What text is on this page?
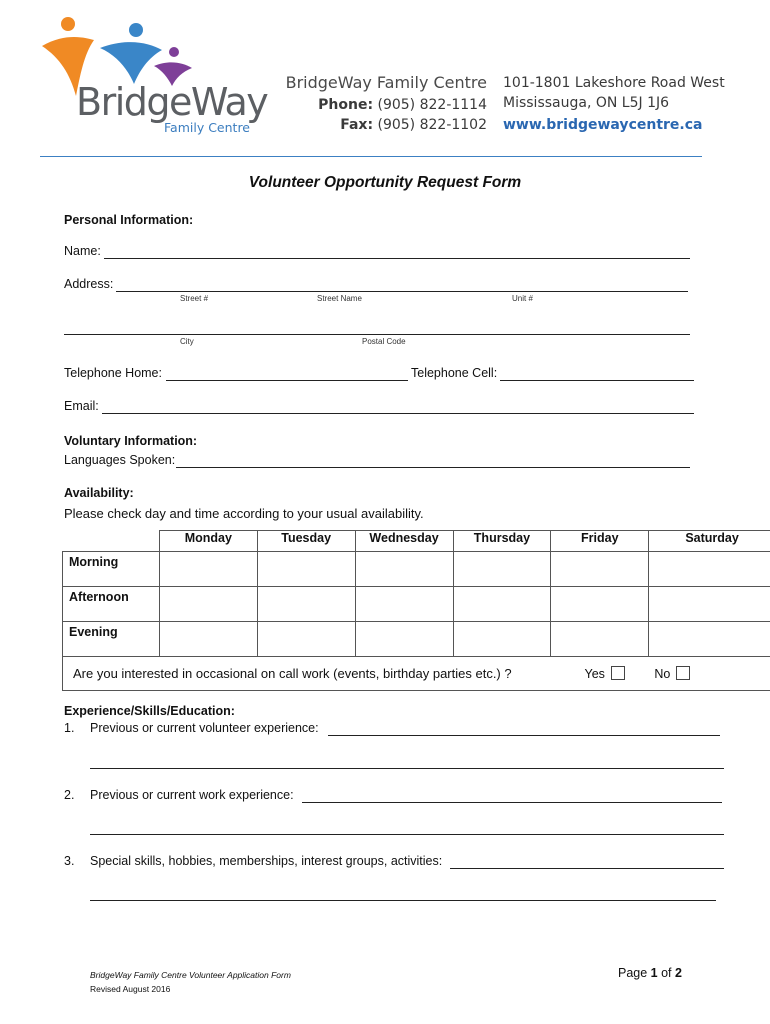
BridgeWay
Family Centre
BridgeWay Family Centre
Phone: (905) 822-1114
Fax: (905) 822-1102
101-1801 Lakeshore Road West
Mississauga, ON L5J 1J6
www.bridgewaycentre.ca
Volunteer Opportunity Request Form
Personal Information:
Name:
Address:
Street #	Street Name	Unit #
City	Postal Code
Telephone Home:	Telephone Cell:
Email:
Voluntary Information:
Languages Spoken:
Availability:
Please check day and time according to your usual availability.
	Monday	Tuesday	Wednesday	Thursday	Friday	Saturday
Morning						
Afternoon						
Evening						
Are you interested in occasional on call work (events, birthday parties etc.) ? Yes No						
Experience/Skills/Education:
1. Previous or current volunteer experience:
2. Previous or current work experience:
3. Special skills, hobbies, memberships, interest groups, activities:
BridgeWay Family Centre Volunteer Application Form
Revised August 2016
Page 1 of 2
